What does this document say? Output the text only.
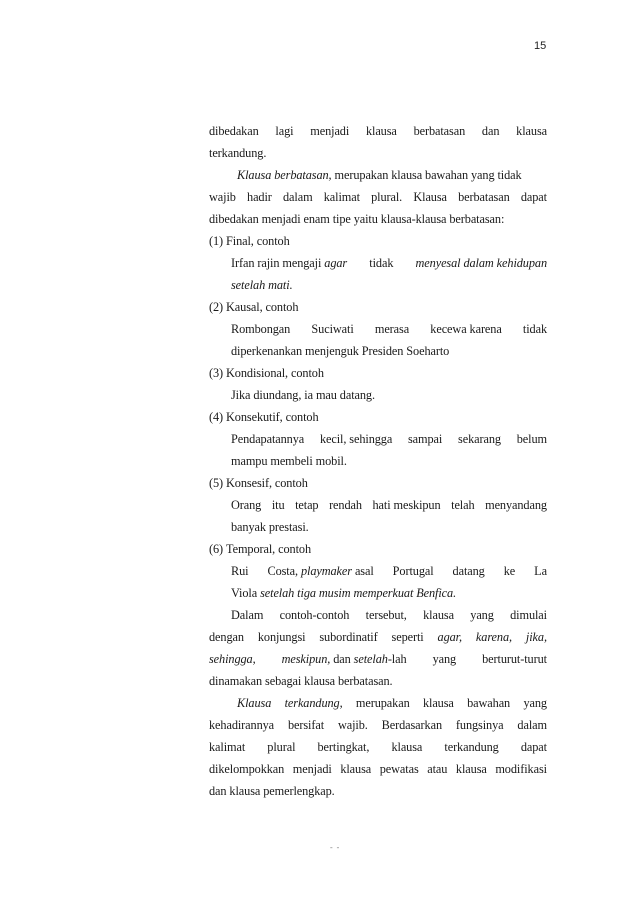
15
dibedakan lagi menjadi klausa berbatasan dan klausa
terkandung.
Klausa berbatasan, merupakan klausa bawahan yang tidak
wajib hadir dalam kalimat plural. Klausa berbatasan dapat
dibedakan menjadi enam tipe yaitu klausa-klausa berbatasan:
(1)
Final, contoh
Irfan rajin mengaji agar tidak menyesal dalam kehidupan
setelah mati.
(2)
Kausal, contoh
Rombongan Suciwati merasa kecewa karena tidak
diperkenankan menjenguk Presiden Soeharto
(3)
Kondisional, contoh
Jika diundang, ia mau datang.
(4)
Konsekutif, contoh
Pendapatannya kecil, sehingga sampai sekarang belum
mampu membeli mobil.
(5)
Konsesif, contoh
Orang itu tetap rendah hati meskipun telah menyandang
banyak prestasi.
(6)
Temporal, contoh
Rui Costa, playmaker asal Portugal datang ke La
Viola setelah tiga musim memperkuat Benfica.
Dalam contoh-contoh tersebut, klausa yang dimulai
dengan konjungsi subordinatif seperti agar, karena, jika,
sehingga, meskipun, dan setelah-lah yang berturut-turut
dinamakan sebagai klausa berbatasan.
Klausa terkandung, merupakan klausa bawahan yang
kehadirannya bersifat wajib. Berdasarkan fungsinya dalam
kalimat plural bertingkat, klausa terkandung dapat
dikelompokkan menjadi klausa pewatas atau klausa modifikasi
dan klausa pemerlengkap.
- -
